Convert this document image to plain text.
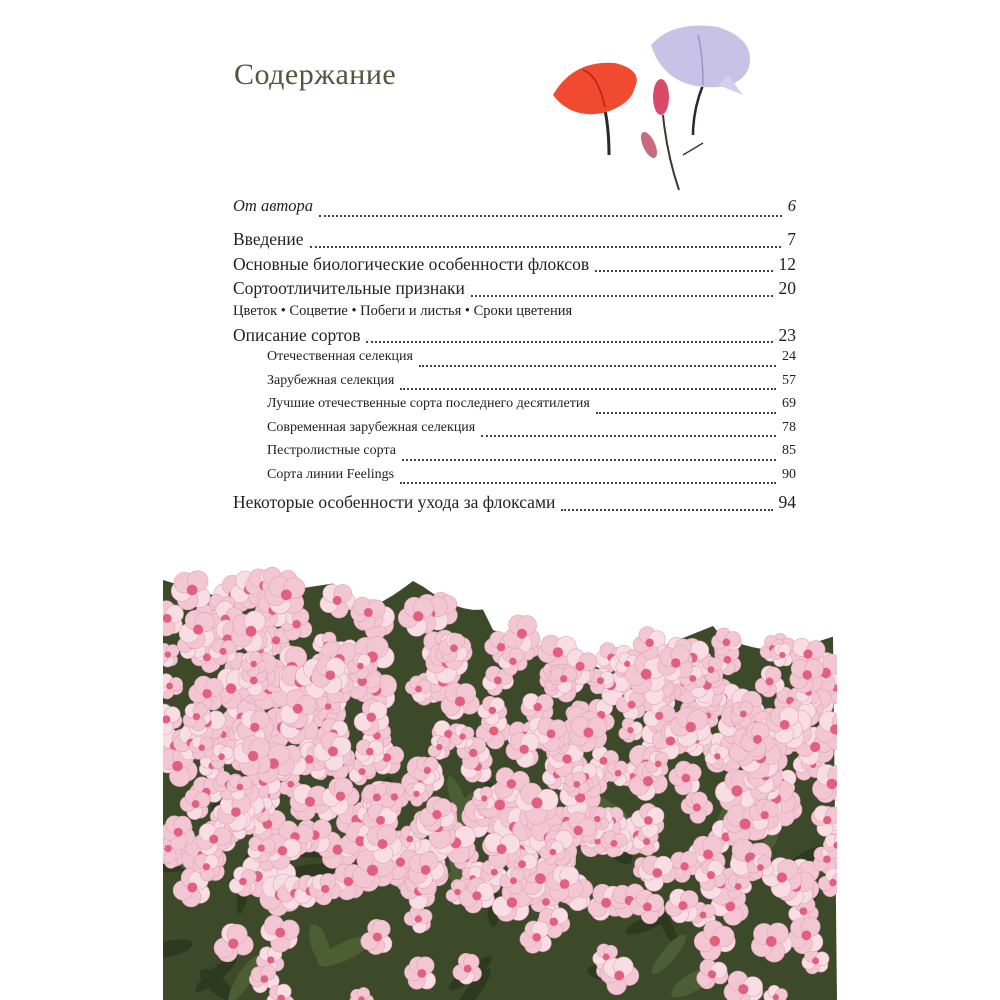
Содержание
От автора	6
Введение	7
Основные биологические особенности флоксов	12
Сортоотличительные признаки	20
Цветок • Соцветие • Побеги и листья • Сроки цветения
Описание сортов	23
Отечественная селекция	24
Зарубежная селекция	57
Лучшие отечественные сорта последнего десятилетия	69
Современная зарубежная селекция	78
Пестролистные сорта	85
Сорта линии Feelings	90
Некоторые особенности ухода за флоксами	94
